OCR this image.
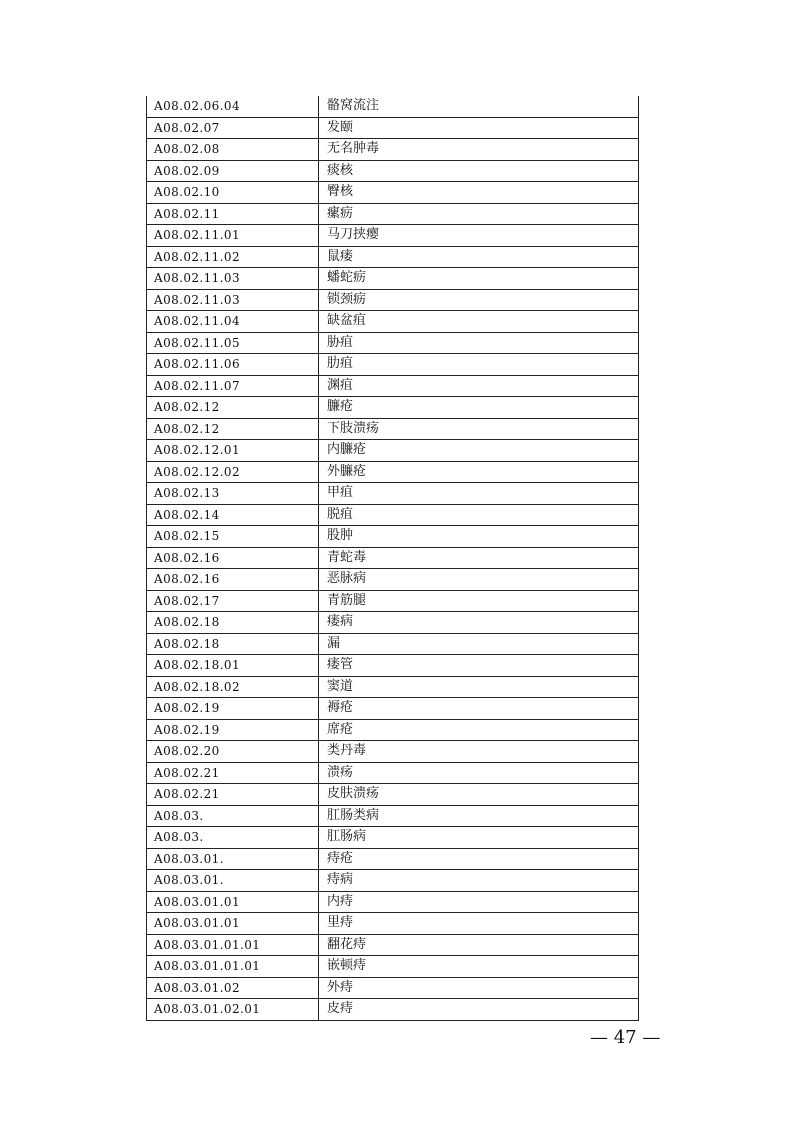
A08.02.06.04	骼窝流注
A08.02.07	发颐
A08.02.08	无名肿毒
A08.02.09	痰核
A08.02.10	臀核
A08.02.11	瘰疬
A08.02.11.01	马刀挟瘿
A08.02.11.02	鼠瘘
A08.02.11.03	蟠蛇疬
A08.02.11.03	锁颈疬
A08.02.11.04	缺盆疽
A08.02.11.05	胁疽
A08.02.11.06	肋疽
A08.02.11.07	渊疽
A08.02.12	臁疮
A08.02.12	下肢溃疡
A08.02.12.01	内臁疮
A08.02.12.02	外臁疮
A08.02.13	甲疽
A08.02.14	脱疽
A08.02.15	股肿
A08.02.16	青蛇毒
A08.02.16	恶脉病
A08.02.17	青筋腿
A08.02.18	瘘病
A08.02.18	漏
A08.02.18.01	瘘管
A08.02.18.02	窦道
A08.02.19	褥疮
A08.02.19	席疮
A08.02.20	类丹毒
A08.02.21	溃疡
A08.02.21	皮肤溃疡
A08.03.	肛肠类病
A08.03.	肛肠病
A08.03.01.	痔疮
A08.03.01.	痔病
A08.03.01.01	内痔
A08.03.01.01	里痔
A08.03.01.01.01	翻花痔
A08.03.01.01.01	嵌顿痔
A08.03.01.02	外痔
A08.03.01.02.01	皮痔
— 47 —
